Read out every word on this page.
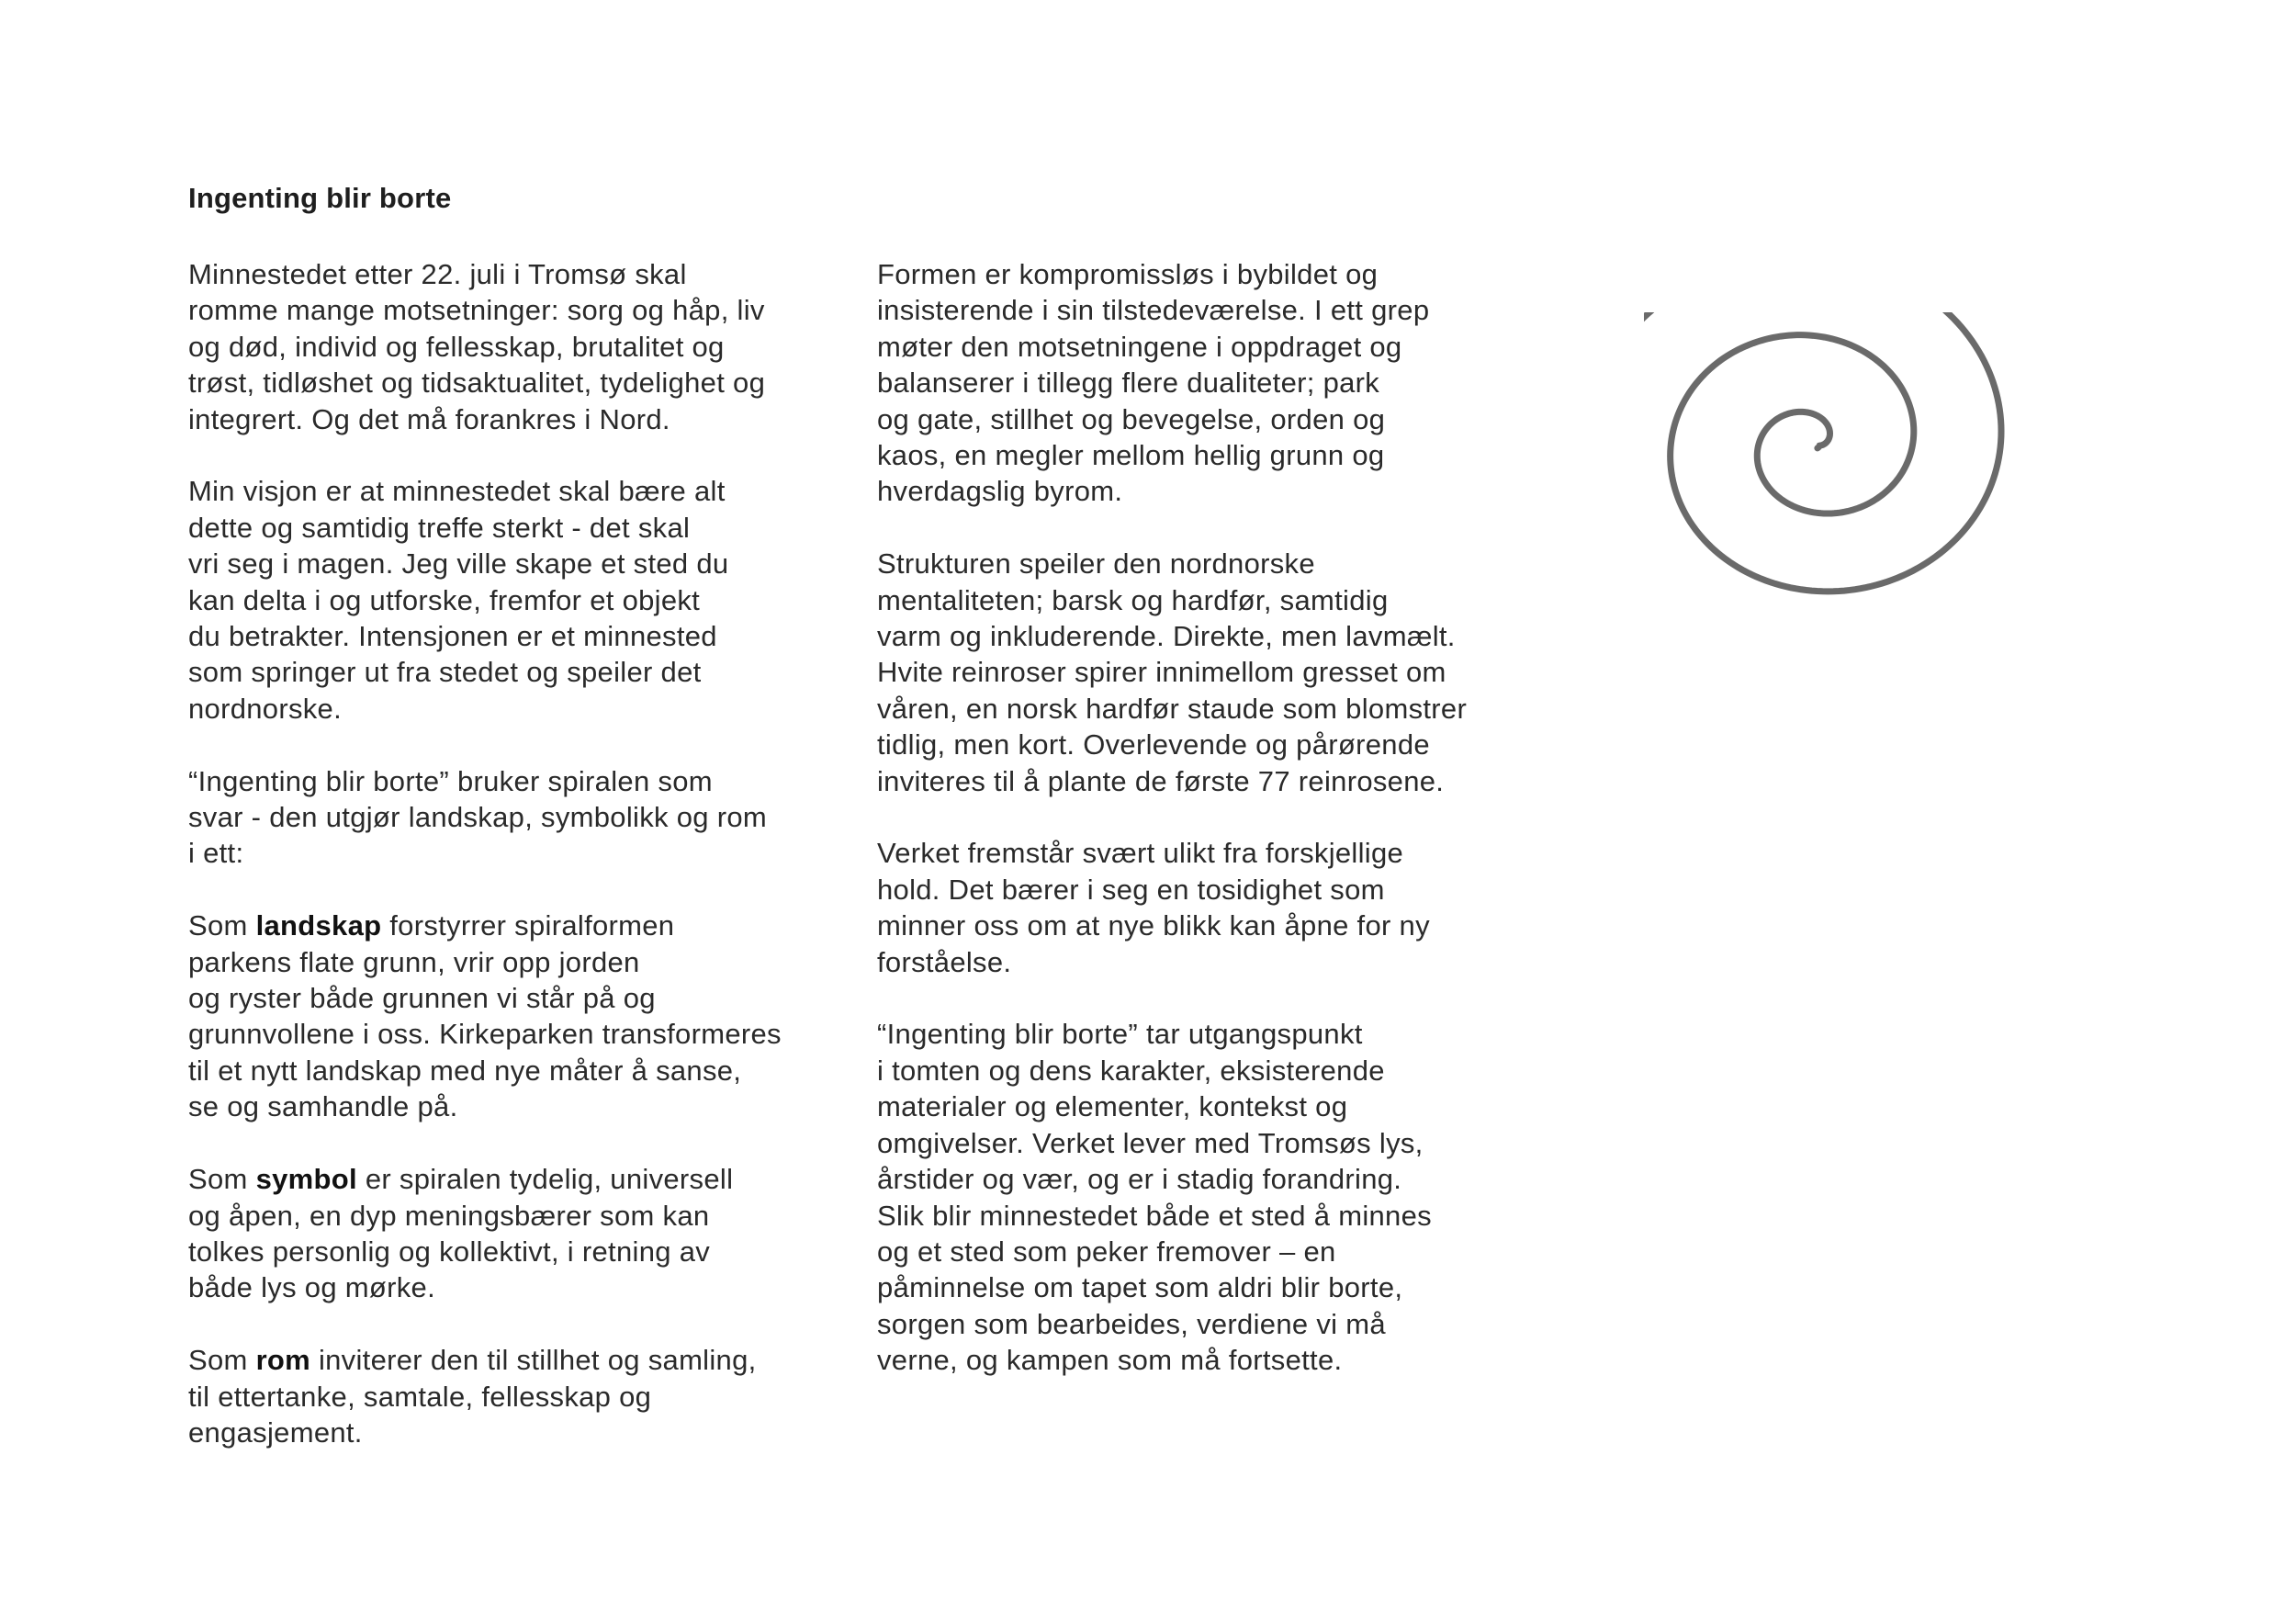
Ingenting blir borte

Minnestedet etter 22. juli i Tromsø skal
romme mange motsetninger: sorg og håp, liv
og død, individ og fellesskap, brutalitet og
trøst, tidløshet og tidsaktualitet, tydelighet og
integrert. Og det må forankres i Nord.

Min visjon er at minnestedet skal bære alt
dette og samtidig treffe sterkt - det skal
vri seg i magen. Jeg ville skape et sted du
kan delta i og utforske, fremfor et objekt
du betrakter. Intensjonen er et minnested
som springer ut fra stedet og speiler det
nordnorske.

“Ingenting blir borte” bruker spiralen som
svar - den utgjør landskap, symbolikk og rom
i ett:

Som landskap forstyrrer spiralformen
parkens flate grunn, vrir opp jorden
og ryster både grunnen vi står på og
grunnvollene i oss. Kirkeparken transformeres
til et nytt landskap med nye måter å sanse,
se og samhandle på.

Som symbol er spiralen tydelig, universell
og åpen, en dyp meningsbærer som kan
tolkes personlig og kollektivt, i retning av
både lys og mørke.

Som rom inviterer den til stillhet og samling,
til ettertanke, samtale, fellesskap og
engasjement.

Formen er kompromissløs i bybildet og
insisterende i sin tilstedeværelse. I ett grep
møter den motsetningene i oppdraget og
balanserer i tillegg flere dualiteter; park
og gate, stillhet og bevegelse, orden og
kaos, en megler mellom hellig grunn og
hverdagslig byrom.

Strukturen speiler den nordnorske
mentaliteten; barsk og hardfør, samtidig
varm og inkluderende. Direkte, men lavmælt.
Hvite reinroser spirer innimellom gresset om
våren, en norsk hardfør staude som blomstrer
tidlig, men kort. Overlevende og pårørende
inviteres til å plante de første 77 reinrosene.

Verket fremstår svært ulikt fra forskjellige
hold. Det bærer i seg en tosidighet som
minner oss om at nye blikk kan åpne for ny
forståelse.

“Ingenting blir borte” tar utgangspunkt
i tomten og dens karakter, eksisterende
materialer og elementer, kontekst og
omgivelser. Verket lever med Tromsøs lys,
årstider og vær, og er i stadig forandring.
Slik blir minnestedet både et sted å minnes
og et sted som peker fremover – en
påminnelse om tapet som aldri blir borte,
sorgen som bearbeides, verdiene vi må
verne, og kampen som må fortsette.
